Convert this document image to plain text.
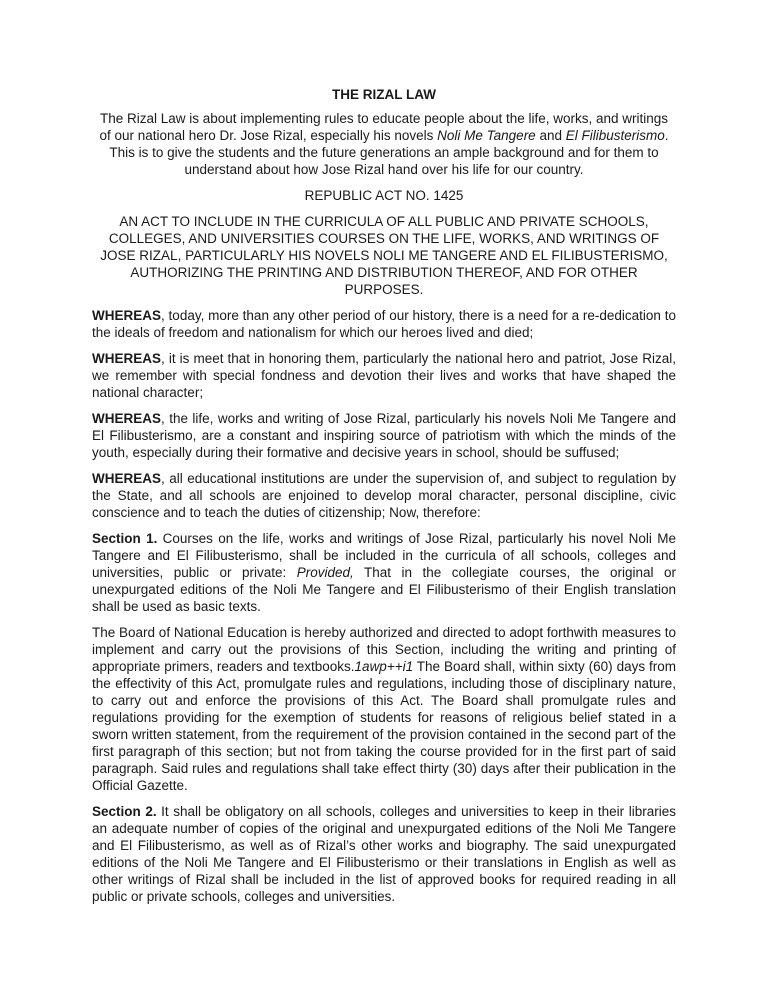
THE RIZAL LAW
The Rizal Law is about implementing rules to educate people about the life, works, and writings of our national hero Dr. Jose Rizal, especially his novels Noli Me Tangere and El Filibusterismo. This is to give the students and the future generations an ample background and for them to understand about how Jose Rizal hand over his life for our country.
REPUBLIC ACT NO. 1425
AN ACT TO INCLUDE IN THE CURRICULA OF ALL PUBLIC AND PRIVATE SCHOOLS, COLLEGES, AND UNIVERSITIES COURSES ON THE LIFE, WORKS, AND WRITINGS OF JOSE RIZAL, PARTICULARLY HIS NOVELS NOLI ME TANGERE AND EL FILIBUSTERISMO, AUTHORIZING THE PRINTING AND DISTRIBUTION THEREOF, AND FOR OTHER PURPOSES.
WHEREAS, today, more than any other period of our history, there is a need for a re-dedication to the ideals of freedom and nationalism for which our heroes lived and died;
WHEREAS, it is meet that in honoring them, particularly the national hero and patriot, Jose Rizal, we remember with special fondness and devotion their lives and works that have shaped the national character;
WHEREAS, the life, works and writing of Jose Rizal, particularly his novels Noli Me Tangere and El Filibusterismo, are a constant and inspiring source of patriotism with which the minds of the youth, especially during their formative and decisive years in school, should be suffused;
WHEREAS, all educational institutions are under the supervision of, and subject to regulation by the State, and all schools are enjoined to develop moral character, personal discipline, civic conscience and to teach the duties of citizenship; Now, therefore:
Section 1. Courses on the life, works and writings of Jose Rizal, particularly his novel Noli Me Tangere and El Filibusterismo, shall be included in the curricula of all schools, colleges and universities, public or private: Provided, That in the collegiate courses, the original or unexpurgated editions of the Noli Me Tangere and El Filibusterismo of their English translation shall be used as basic texts.
The Board of National Education is hereby authorized and directed to adopt forthwith measures to implement and carry out the provisions of this Section, including the writing and printing of appropriate primers, readers and textbooks.1awp++i1 The Board shall, within sixty (60) days from the effectivity of this Act, promulgate rules and regulations, including those of disciplinary nature, to carry out and enforce the provisions of this Act. The Board shall promulgate rules and regulations providing for the exemption of students for reasons of religious belief stated in a sworn written statement, from the requirement of the provision contained in the second part of the first paragraph of this section; but not from taking the course provided for in the first part of said paragraph. Said rules and regulations shall take effect thirty (30) days after their publication in the Official Gazette.
Section 2. It shall be obligatory on all schools, colleges and universities to keep in their libraries an adequate number of copies of the original and unexpurgated editions of the Noli Me Tangere and El Filibusterismo, as well as of Rizal’s other works and biography. The said unexpurgated editions of the Noli Me Tangere and El Filibusterismo or their translations in English as well as other writings of Rizal shall be included in the list of approved books for required reading in all public or private schools, colleges and universities.
